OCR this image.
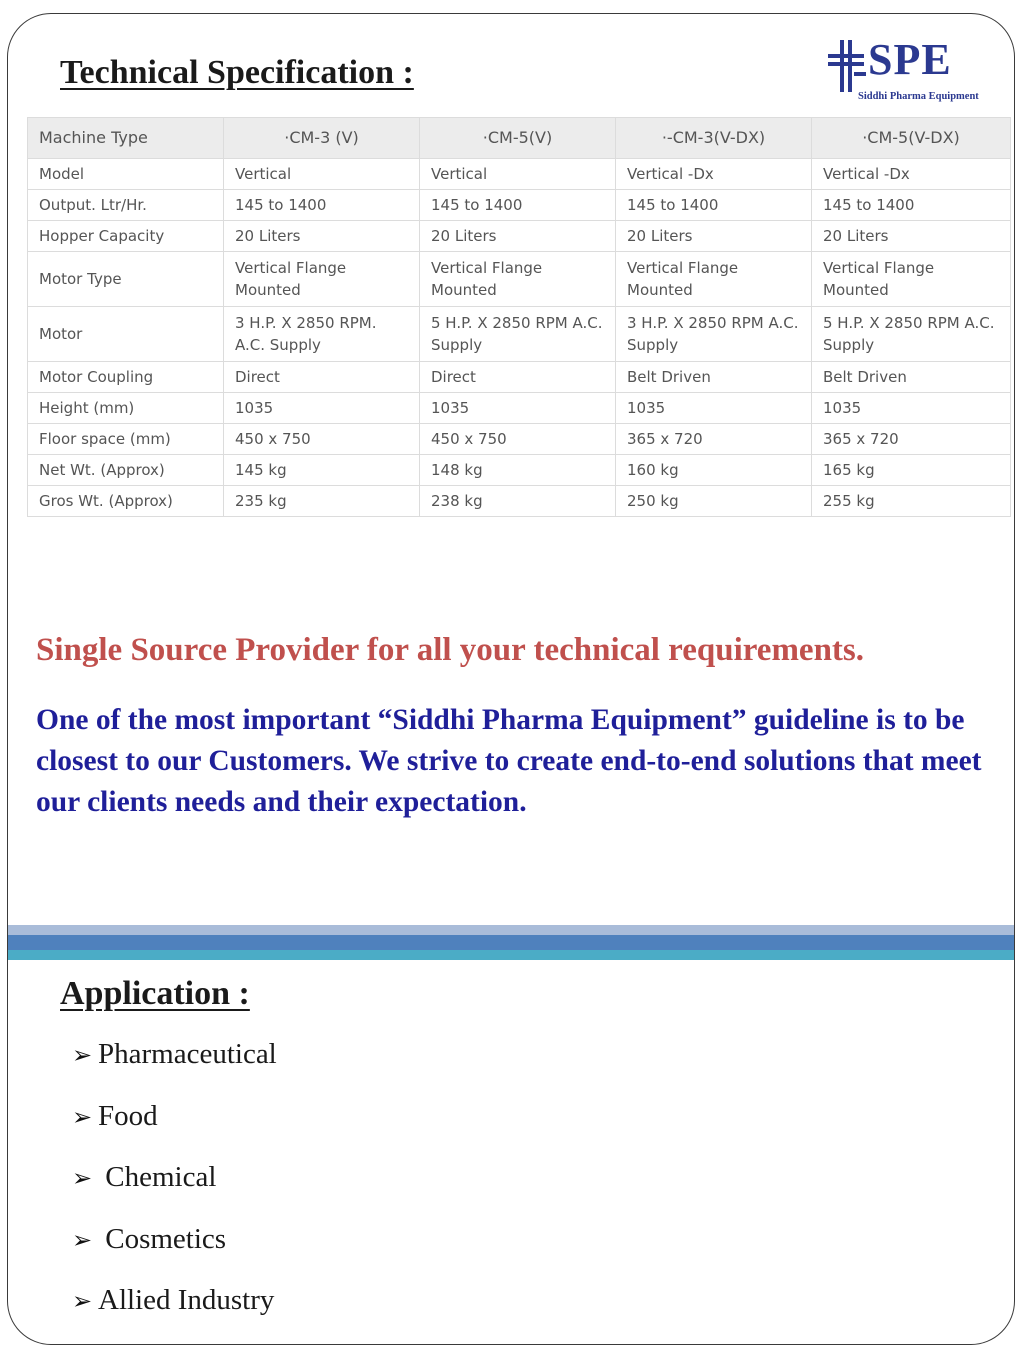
Technical Specification :	SPE
Siddhi Pharma Equipment
Machine Type	·CM-3 (V)	·CM-5(V)	·-CM-3(V-DX)	·CM-5(V-DX)
Model	Vertical	Vertical	Vertical -Dx	Vertical -Dx
Output. Ltr/Hr.	145 to 1400	145 to 1400	145 to 1400	145 to 1400
Hopper Capacity	20 Liters	20 Liters	20 Liters	20 Liters
Motor Type	Vertical Flange Mounted	Vertical Flange Mounted	Vertical Flange Mounted	Vertical Flange Mounted
Motor	3 H.P. X 2850 RPM. A.C. Supply	5 H.P. X 2850 RPM A.C. Supply	3 H.P. X 2850 RPM A.C. Supply	5 H.P. X 2850 RPM A.C. Supply
Motor Coupling	Direct	Direct	Belt Driven	Belt Driven
Height (mm)	1035	1035	1035	1035
Floor space (mm)	450 x 750	450 x 750	365 x 720	365 x 720
Net Wt. (Approx)	145 kg	148 kg	160 kg	165 kg
Gros Wt. (Approx)	235 kg	238 kg	250 kg	255 kg
Single Source Provider for all your technical requirements.

One of the most important “Siddhi Pharma Equipment” guideline is to be closest to our Customers. We strive to create end-to-end solutions that meet our clients needs and their expectation.

Application :
➢ Pharmaceutical
➢ Food
➢ Chemical
➢ Cosmetics
➢ Allied Industry
